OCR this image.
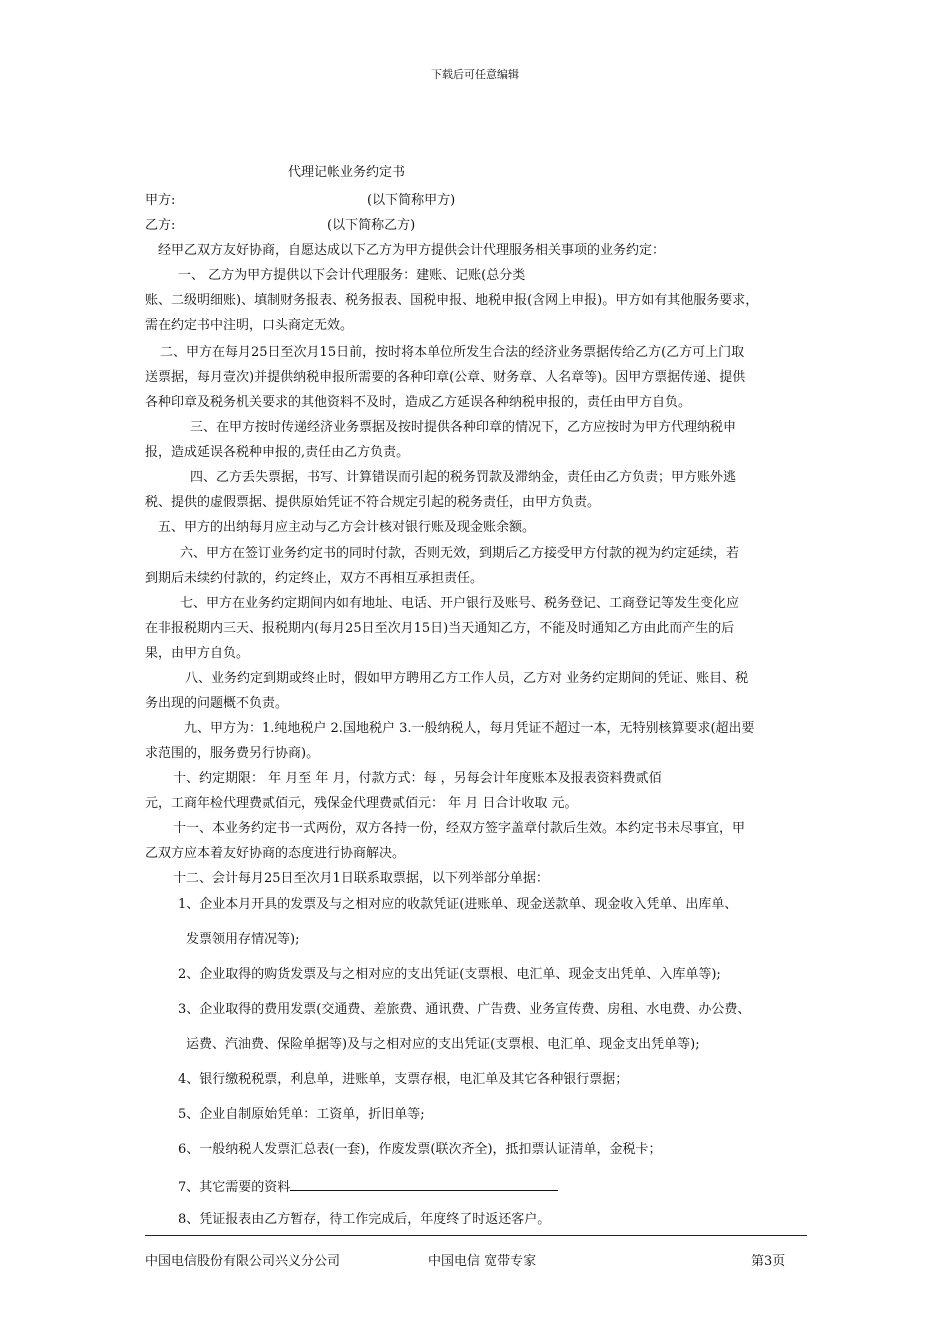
下载后可任意编辑
代理记帐业务约定书
甲方:	(以下简称甲方)
乙方:	(以下简称乙方)
经甲乙双方友好协商，自愿达成以下乙方为甲方提供会计代理服务相关事项的业务约定：
一、 乙方为甲方提供以下会计代理服务：建账、记账(总分类
账、二级明细账)、填制财务报表、税务报表、国税申报、地税申报(含网上申报)。甲方如有其他服务要求，
需在约定书中注明，口头商定无效。
二、甲方在每月25日至次月15日前，按时将本单位所发生合法的经济业务票据传给乙方(乙方可上门取
送票据，每月壹次)并提供纳税申报所需要的各种印章(公章、财务章、人名章等)。因甲方票据传递、提供
各种印章及税务机关要求的其他资料不及时，造成乙方延误各种纳税申报的，责任由甲方自负。
三、在甲方按时传递经济业务票据及按时提供各种印章的情况下，乙方应按时为甲方代理纳税申
报，造成延误各税种申报的,责任由乙方负责。
四、乙方丢失票据，书写、计算错误而引起的税务罚款及滞纳金，责任由乙方负责；甲方账外逃
税、提供的虚假票据、提供原始凭证不符合规定引起的税务责任，由甲方负责。
五、甲方的出纳每月应主动与乙方会计核对银行账及现金账余额。
六、甲方在签订业务约定书的同时付款，否则无效，到期后乙方接受甲方付款的视为约定延续，若
到期后未续约付款的，约定终止，双方不再相互承担责任。
七、甲方在业务约定期间内如有地址、电话、开户银行及账号、税务登记、工商登记等发生变化应
在非报税期内三天、报税期内(每月25日至次月15日)当天通知乙方，不能及时通知乙方由此而产生的后
果，由甲方自负。
八、业务约定到期或终止时，假如甲方聘用乙方工作人员，乙方对 业务约定期间的凭证、账目、税
务出现的问题概不负责。
九、甲方为：1.纯地税户 2.国地税户 3.一般纳税人，每月凭证不超过一本，无特别核算要求(超出要
求范围的，服务费另行协商)。
十、约定期限： 年 月至 年 月，付款方式：每 ，另每会计年度账本及报表资料费贰佰
元，工商年检代理费贰佰元，残保金代理费贰佰元： 年 月 日合计收取 元。
十一、本业务约定书一式两份，双方各持一份，经双方签字盖章付款后生效。本约定书未尽事宜，甲
乙双方应本着友好协商的态度进行协商解决。
十二、会计每月25日至次月1日联系取票据，以下列举部分单据：
1、企业本月开具的发票及与之相对应的收款凭证(进账单、现金送款单、现金收入凭单、出库单、
发票领用存情况等);
2、企业取得的购货发票及与之相对应的支出凭证(支票根、电汇单、现金支出凭单、入库单等);
3、企业取得的费用发票(交通费、差旅费、通讯费、广告费、业务宣传费、房租、水电费、办公费、
运费、汽油费、保险单据等)及与之相对应的支出凭证(支票根、电汇单、现金支出凭单等);
4、银行缴税税票，利息单，进账单，支票存根，电汇单及其它各种银行票据；
5、企业自制原始凭单：工资单，折旧单等;
6、一般纳税人发票汇总表(一套)，作废发票(联次齐全)，抵扣票认证清单，金税卡；
7、其它需要的资料
8、凭证报表由乙方暂存，待工作完成后，年度终了时返还客户。
中国电信股份有限公司兴义分公司	中国电信 宽带专家	第3页
